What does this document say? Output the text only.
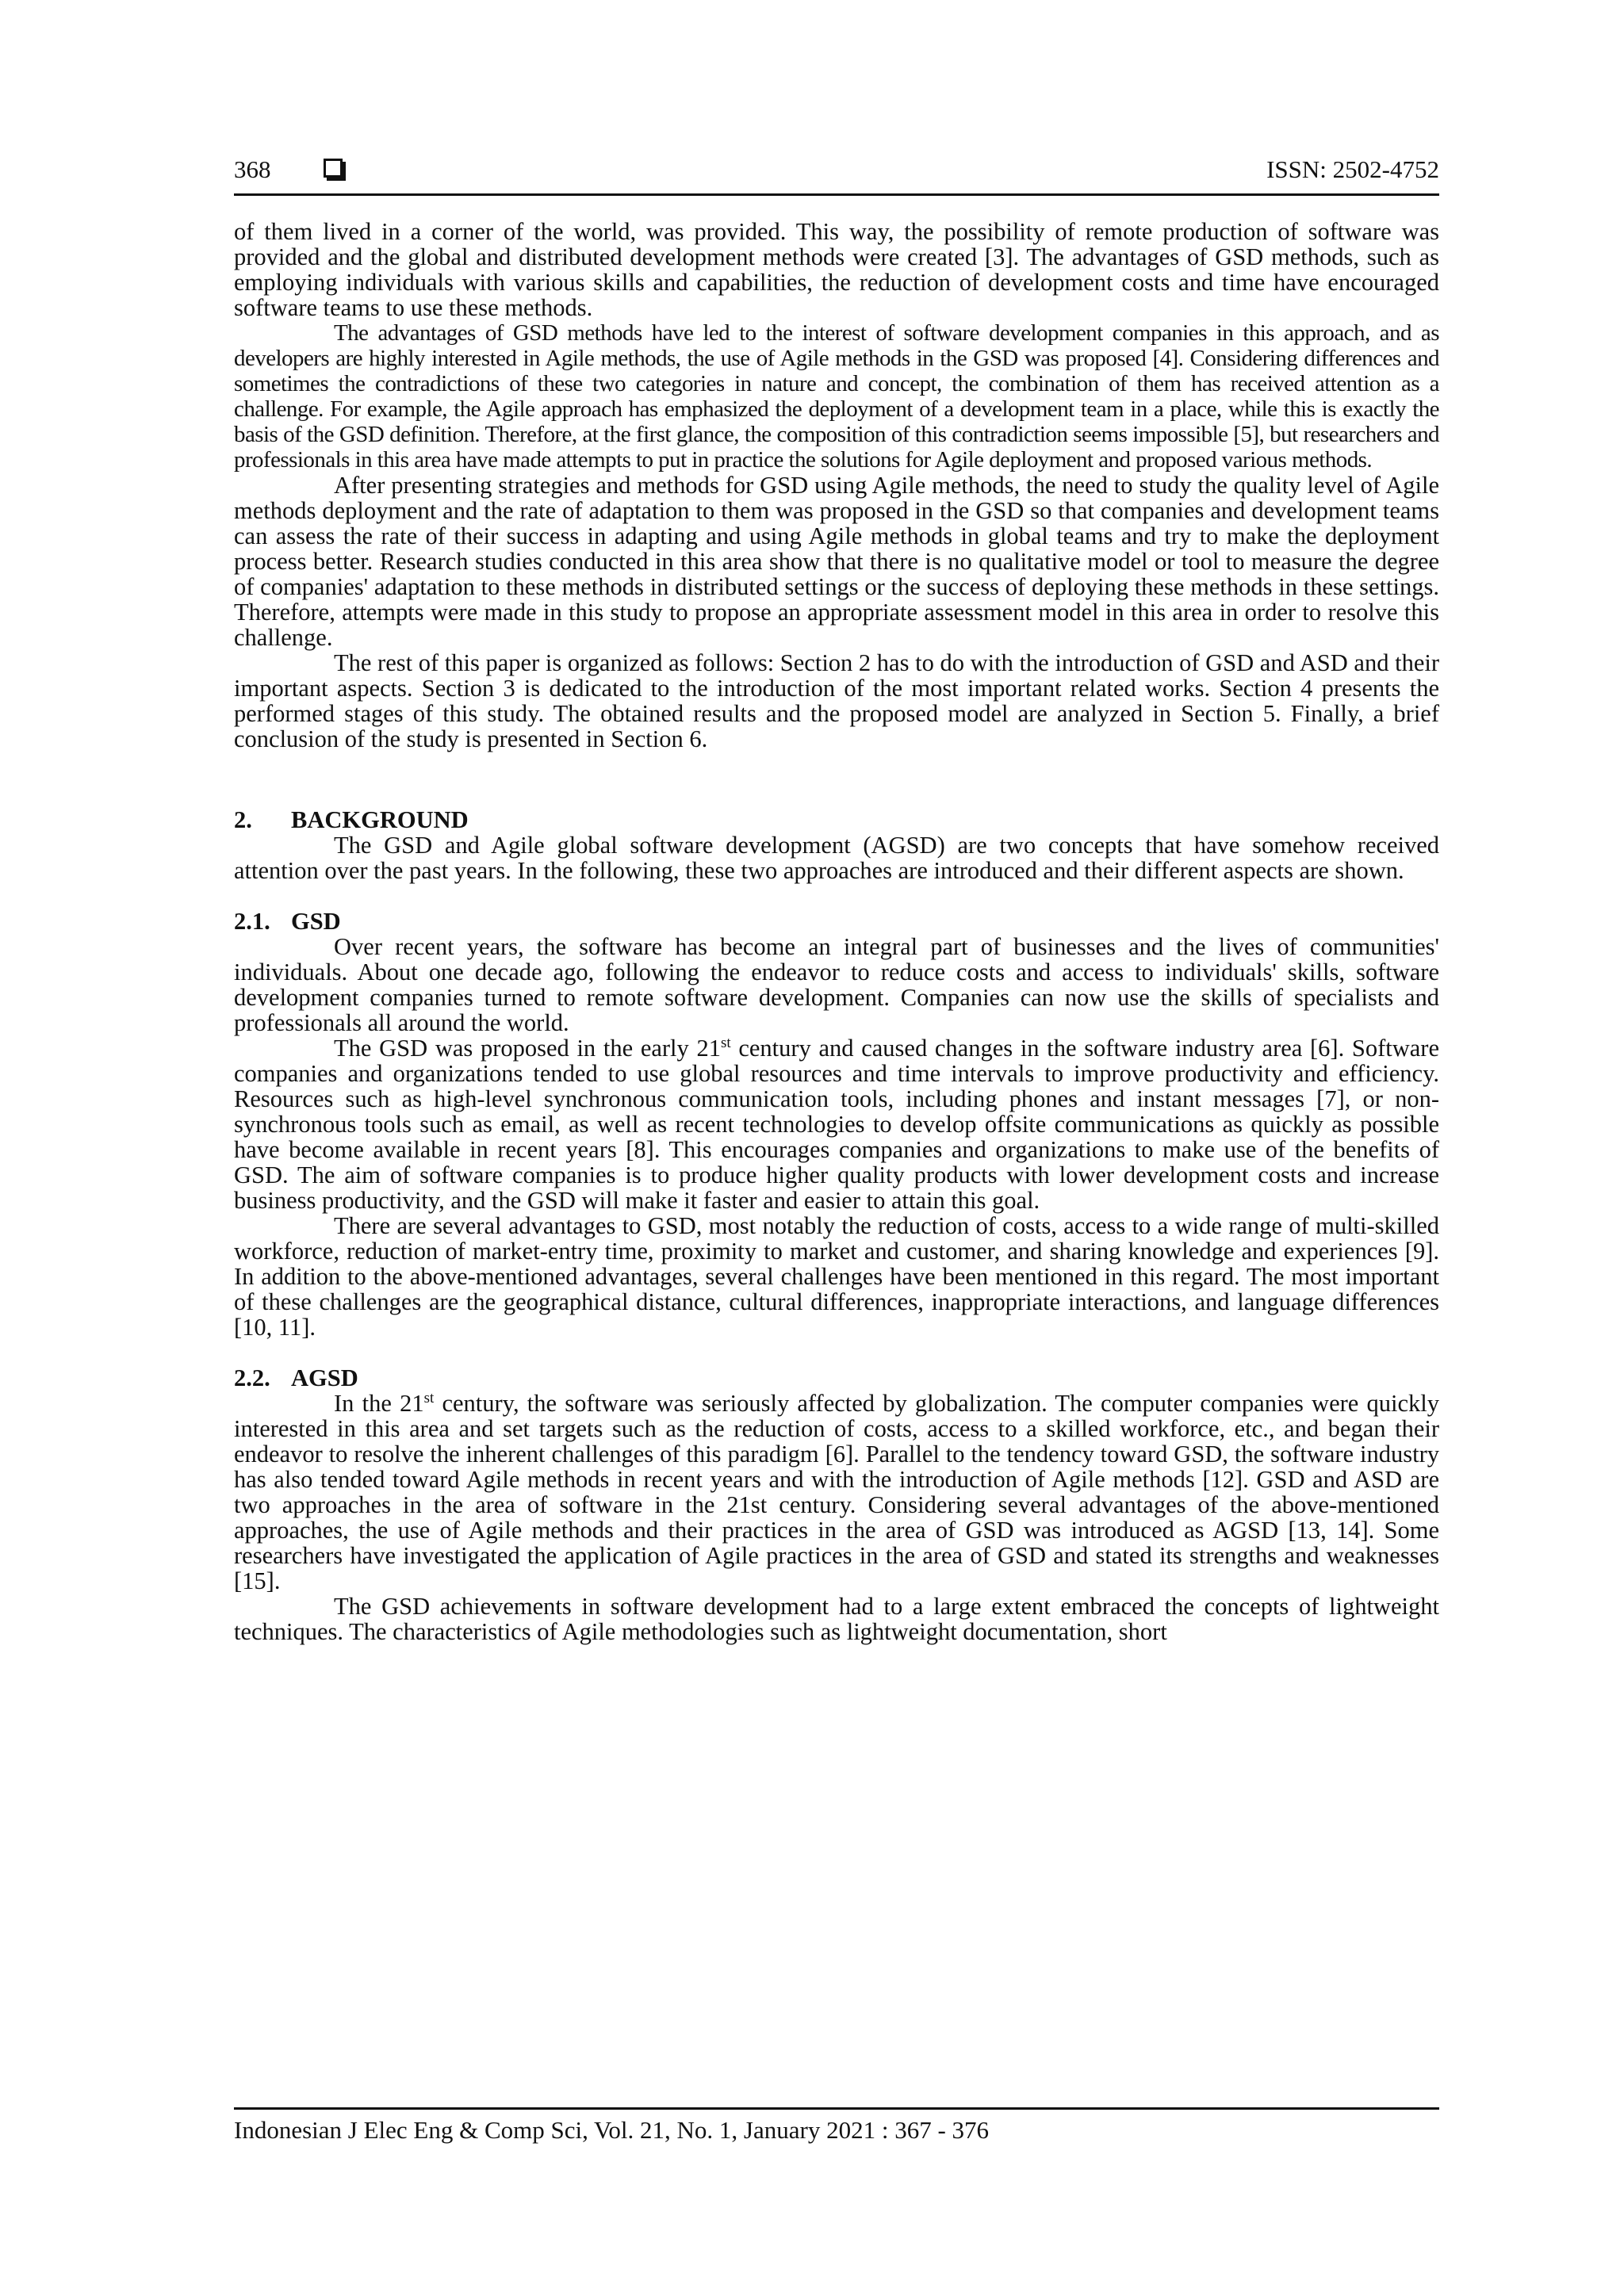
368	ISSN: 2502-4752

of them lived in a corner of the world, was provided. This way, the possibility of remote production of software was provided and the global and distributed development methods were created [3]. The advantages of GSD methods, such as employing individuals with various skills and capabilities, the reduction of development costs and time have encouraged software teams to use these methods.

The advantages of GSD methods have led to the interest of software development companies in this approach, and as developers are highly interested in Agile methods, the use of Agile methods in the GSD was proposed [4]. Considering differences and sometimes the contradictions of these two categories in nature and concept, the combination of them has received attention as a challenge. For example, the Agile approach has emphasized the deployment of a development team in a place, while this is exactly the basis of the GSD definition. Therefore, at the first glance, the composition of this contradiction seems impossible [5], but researchers and professionals in this area have made attempts to put in practice the solutions for Agile deployment and proposed various methods.

After presenting strategies and methods for GSD using Agile methods, the need to study the quality level of Agile methods deployment and the rate of adaptation to them was proposed in the GSD so that companies and development teams can assess the rate of their success in adapting and using Agile methods in global teams and try to make the deployment process better. Research studies conducted in this area show that there is no qualitative model or tool to measure the degree of companies' adaptation to these methods in distributed settings or the success of deploying these methods in these settings. Therefore, attempts were made in this study to propose an appropriate assessment model in this area in order to resolve this challenge.

The rest of this paper is organized as follows: Section 2 has to do with the introduction of GSD and ASD and their important aspects. Section 3 is dedicated to the introduction of the most important related works. Section 4 presents the performed stages of this study. The obtained results and the proposed model are analyzed in Section 5. Finally, a brief conclusion of the study is presented in Section 6.

2. BACKGROUND

The GSD and Agile global software development (AGSD) are two concepts that have somehow received attention over the past years. In the following, these two approaches are introduced and their different aspects are shown.

2.1. GSD

Over recent years, the software has become an integral part of businesses and the lives of communities' individuals. About one decade ago, following the endeavor to reduce costs and access to individuals' skills, software development companies turned to remote software development. Companies can now use the skills of specialists and professionals all around the world.

The GSD was proposed in the early 21st century and caused changes in the software industry area [6]. Software companies and organizations tended to use global resources and time intervals to improve productivity and efficiency. Resources such as high-level synchronous communication tools, including phones and instant messages [7], or non-synchronous tools such as email, as well as recent technologies to develop offsite communications as quickly as possible have become available in recent years [8]. This encourages companies and organizations to make use of the benefits of GSD. The aim of software companies is to produce higher quality products with lower development costs and increase business productivity, and the GSD will make it faster and easier to attain this goal.

There are several advantages to GSD, most notably the reduction of costs, access to a wide range of multi-skilled workforce, reduction of market-entry time, proximity to market and customer, and sharing knowledge and experiences [9]. In addition to the above-mentioned advantages, several challenges have been mentioned in this regard. The most important of these challenges are the geographical distance, cultural differences, inappropriate interactions, and language differences [10, 11].

2.2. AGSD

In the 21st century, the software was seriously affected by globalization. The computer companies were quickly interested in this area and set targets such as the reduction of costs, access to a skilled workforce, etc., and began their endeavor to resolve the inherent challenges of this paradigm [6]. Parallel to the tendency toward GSD, the software industry has also tended toward Agile methods in recent years and with the introduction of Agile methods [12]. GSD and ASD are two approaches in the area of software in the 21st century. Considering several advantages of the above-mentioned approaches, the use of Agile methods and their practices in the area of GSD was introduced as AGSD [13, 14]. Some researchers have investigated the application of Agile practices in the area of GSD and stated its strengths and weaknesses [15].

The GSD achievements in software development had to a large extent embraced the concepts of lightweight techniques. The characteristics of Agile methodologies such as lightweight documentation, short

Indonesian J Elec Eng & Comp Sci, Vol. 21, No. 1, January 2021 : 367 - 376
